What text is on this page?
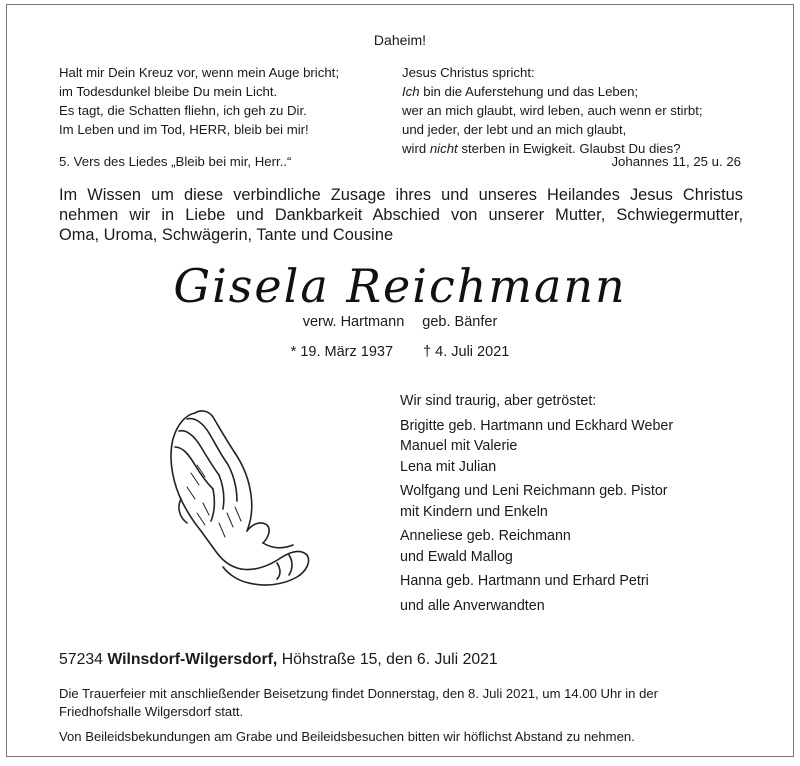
Daheim!

Halt mir Dein Kreuz vor, wenn mein Auge bricht;
im Todesdunkel bleibe Du mein Licht.
Es tagt, die Schatten fliehn, ich geh zu Dir.
Im Leben und im Tod, HERR, bleib bei mir!
Jesus Christus spricht:
Ich bin die Auferstehung und das Leben;
wer an mich glaubt, wird leben, auch wenn er stirbt;
und jeder, der lebt und an mich glaubt,
wird nicht sterben in Ewigkeit. Glaubst Du dies?
5. Vers des Liedes „Bleib bei mir, Herr..“	Johannes 11, 25 u. 26
Im Wissen um diese verbindliche Zusage ihres und unseres Heilandes Jesus Christus
nehmen wir in Liebe und Dankbarkeit Abschied von unserer Mutter, Schwiegermutter,
Oma, Uroma, Schwägerin, Tante und Cousine
Gisela Reichmann
verw. Hartmann geb. Bänfer
* 19. März 1937 † 4. Juli 2021
Wir sind traurig, aber getröstet:
Brigitte geb. Hartmann und Eckhard Weber
Manuel mit Valerie
Lena mit Julian
Wolfgang und Leni Reichmann geb. Pistor
mit Kindern und Enkeln
Anneliese geb. Reichmann
und Ewald Mallog
Hanna geb. Hartmann und Erhard Petri
und alle Anverwandten
57234 Wilnsdorf-Wilgersdorf, Höhstraße 15, den 6. Juli 2021
Die Trauerfeier mit anschließender Beisetzung findet Donnerstag, den 8. Juli 2021, um 14.00 Uhr in der
Friedhofshalle Wilgersdorf statt.
Von Beileidsbekundungen am Grabe und Beileidsbesuchen bitten wir höflichst Abstand zu nehmen.
